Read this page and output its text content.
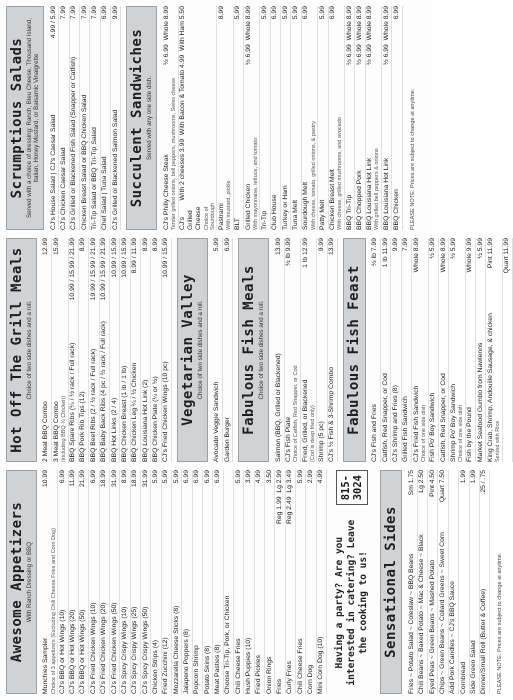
Awesome Appetizers With Ranch Dressing or BBQ
Munchies Sampler Choice of 3 appetizers (Excluding Chili Cheese Fries and Corn Dog)
10.99
CJ's BBQ or Hot Wings (10)
6.99
CJ's BBQ or Hot Wings (20)
11.99
CJ's BBQ or Hot Wings (50)
21.99
CJ's Fried Chicken Wings (10)
6.99
CJ's Fried Chicken Wings (20)
18.99
CJ's Fried Chicken Wings (50)
31.99
CJ's Spicy Crispy Wings (10)
8.99
CJ's Spicy Crispy Wings (25)
18.99
CJ's Spicy Crispy Wings (50)
31.99
Chicken Strips (4)
5.99
Fried Zucchini (12)
5.99
Mozzarella Cheese Sticks (8)
5.99
Jalapeno Poppers (8)
6.99
Popcorn Shrimp
6.99
Potato Skins (8)
6.99
Meat Pasties (8)
6.99
Choose Tri-Tip, Pork, or Chicken Chili Cheese Fries
5.99
Hush Puppies (10)
3.99
Fried Pickles
4.99
Onion Rings
3.50
Fries
Reg 1.99  Lg 2.99
Curly Fries
Reg 2.49  Lg 3.49
Chili Cheese Fries
5.99
Corn Dog
2.99
Mini Corn Dog (10)
4.99
Having a party? Are you interested in catering? Leave the cooking to us!
815-3024
Sensational Sides Fries ~ Potato Salad ~ Coleslaw ~ BBQ Beans
Sm 1.75
Chili Beans ~ Baked Potato ~ Mac & Cheese ~ Black
Lg 2.50
Eyed Peas ~ Green Beans ~ Mashed Potato
Pint 4.50
Chips ~ Green Beans ~ Collard Greens ~ Sweet Corn
Quart 7.50
Add Pork Candles ~ CJ's BBQ Sauce Cornbread
1.99
Side Green Salad
1.99
Dinner/Small Roll (Butter & Coffee)
.25 / .75
PLEASE NOTE: Prices are subject to change at anytime.
Hot Off The Grill Meals Choice of two side dishes and a roll.
2 Meat BBQ Combo
12.99
3 Meat BBQ Combo (including BBQ ½ Chicken)
15.99
BBQ Spare Ribs (¼ / ½ rack / Full rack)
10.99 / 15.99 / 21.99
BBQ Pork Rib Tips (12)
8.99
BBQ Beef Ribs (2 / ½ rack / Full rack)
19.99 / 15.99 / 21.99
BBQ Baby Back Ribs (4 pc / ½ rack / Full rack)
10.99 / 15.99 / 21.99
BBQ Hot Links (2 / 4)
10.99 / 15.99
BBQ Chicken Breast (1 lb / 1 lb)
10.99 / 15.99
BBQ Chicken Leg ¼ / ½ Chicken
8.99 / 11.99
BBQ Louisiana Hot Link (2)
8.99
BBQ Chicken Plate (¼ or ½)
8.99
CJ's Fried Chicken Wings (10 pc)
10.99 / 15.99
Vegetarian Valley Choice of two side dishes and a roll.
Avocado Veggie Sandwich
5.99
Garden Burger
6.99
Fabulous Fish Meals Choice of two side dishes and a roll.
Salmon (BBQ, Grilled or Blackened)
13.99
CJ's Fish Plate Choice of Catfish, Red Snapper, or Cod
½ lb 9.99
Fried, Grilled, or Blackened (Cod is deep fried only)
1 lb 12.99
Shrimp (5 pc)
9.99
CJ's ½ Fish & 3-Shrimp Combo
13.99
Fabulous Fish Feast CJ's Fish and Fries
½ lb 7.99
Catfish, Red Snapper, or Cod
1 lb 11.99
CJ's Shrimp and Fries (8)
9.99
Grilled Fish Sandwich
7.99
CJ's Fried Fish Sandwich Choice of one side dish
Whole 8.99
Fish Po' Boy Sandwich
½ 5.99
Catfish, Red Snapper, or Cod
Whole 8.99
Shrimp Po' Boy Sandwich Choice of one side dish
½ 5.99
Fish by the Pound
Whole 9.99
Market Seafood Gumbo from Nawlenns
½ 5.99
King Crab, Shrimp, Andouille Sausage, & chicken Served with Rice
Pint 11.99 Quart 11.99
Scrumptious Salads Served with a choice of dressing: Ranch, Bleu Cheese, Thousand Island, Italian, Honey Mustard, or Balsamic Vinaigrette CJ's House Salad | CJ's Caesar Salad
4.99 / 5.99
CJ's Chicken Caesar Salad
7.99
CJ's Grilled or Blackened Fish Salad (Snapper or Catfish)
7.99
Chicken Breast Salad or BBQ Chicken Salad
7.99
Tri-Tip Salad or BBQ Tri-Tip Salad
7.99
Chef Salad | Tuna Salad
6.99
CJ's Grilled or Blackened Salmon Salad
9.99
Succulent Sandwiches Served with any one side dish.
CJ's Philly Cheese Steak Tender grilled onions, bell peppers, mushrooms, Swiss cheese
½ 6.99  Whole 8.99
CJ's Grilled Cheese Choice of Sourdough
With 2 cheeses 3.99  With Bacon & Tomato 4.99  With Ham 5.50
Pastrami With mustard, pickle
8.99
BLT
5.99
Grilled Chicken With mayonnaise, lettuce, and tomato
½ 6.99  Whole 8.99
Tri-Tip
5.99
Club House
6.99
Turkey or Ham
5.99
Tuna Melt
5.99
Sourdough Melt With cheese, tomato, grilled onions, & pastry
6.99
Patty Melt
5.99
Chicken Breast Melt With cheese, grilled mushrooms, and avocado
6.99
BBQ Tri-Tip
½ 6.99  Whole 8.99
BBQ Chopped Pork
½ 6.99  Whole 8.99
BBQ Louisiana Hot Link With grilled bell peppers & onions
½ 6.99  Whole 8.99
BBQ Louisiana Hot Link
½ 6.99  Whole 8.99
BBQ Chicken
6.99
PLEASE NOTE: Prices are subject to change at anytime.
